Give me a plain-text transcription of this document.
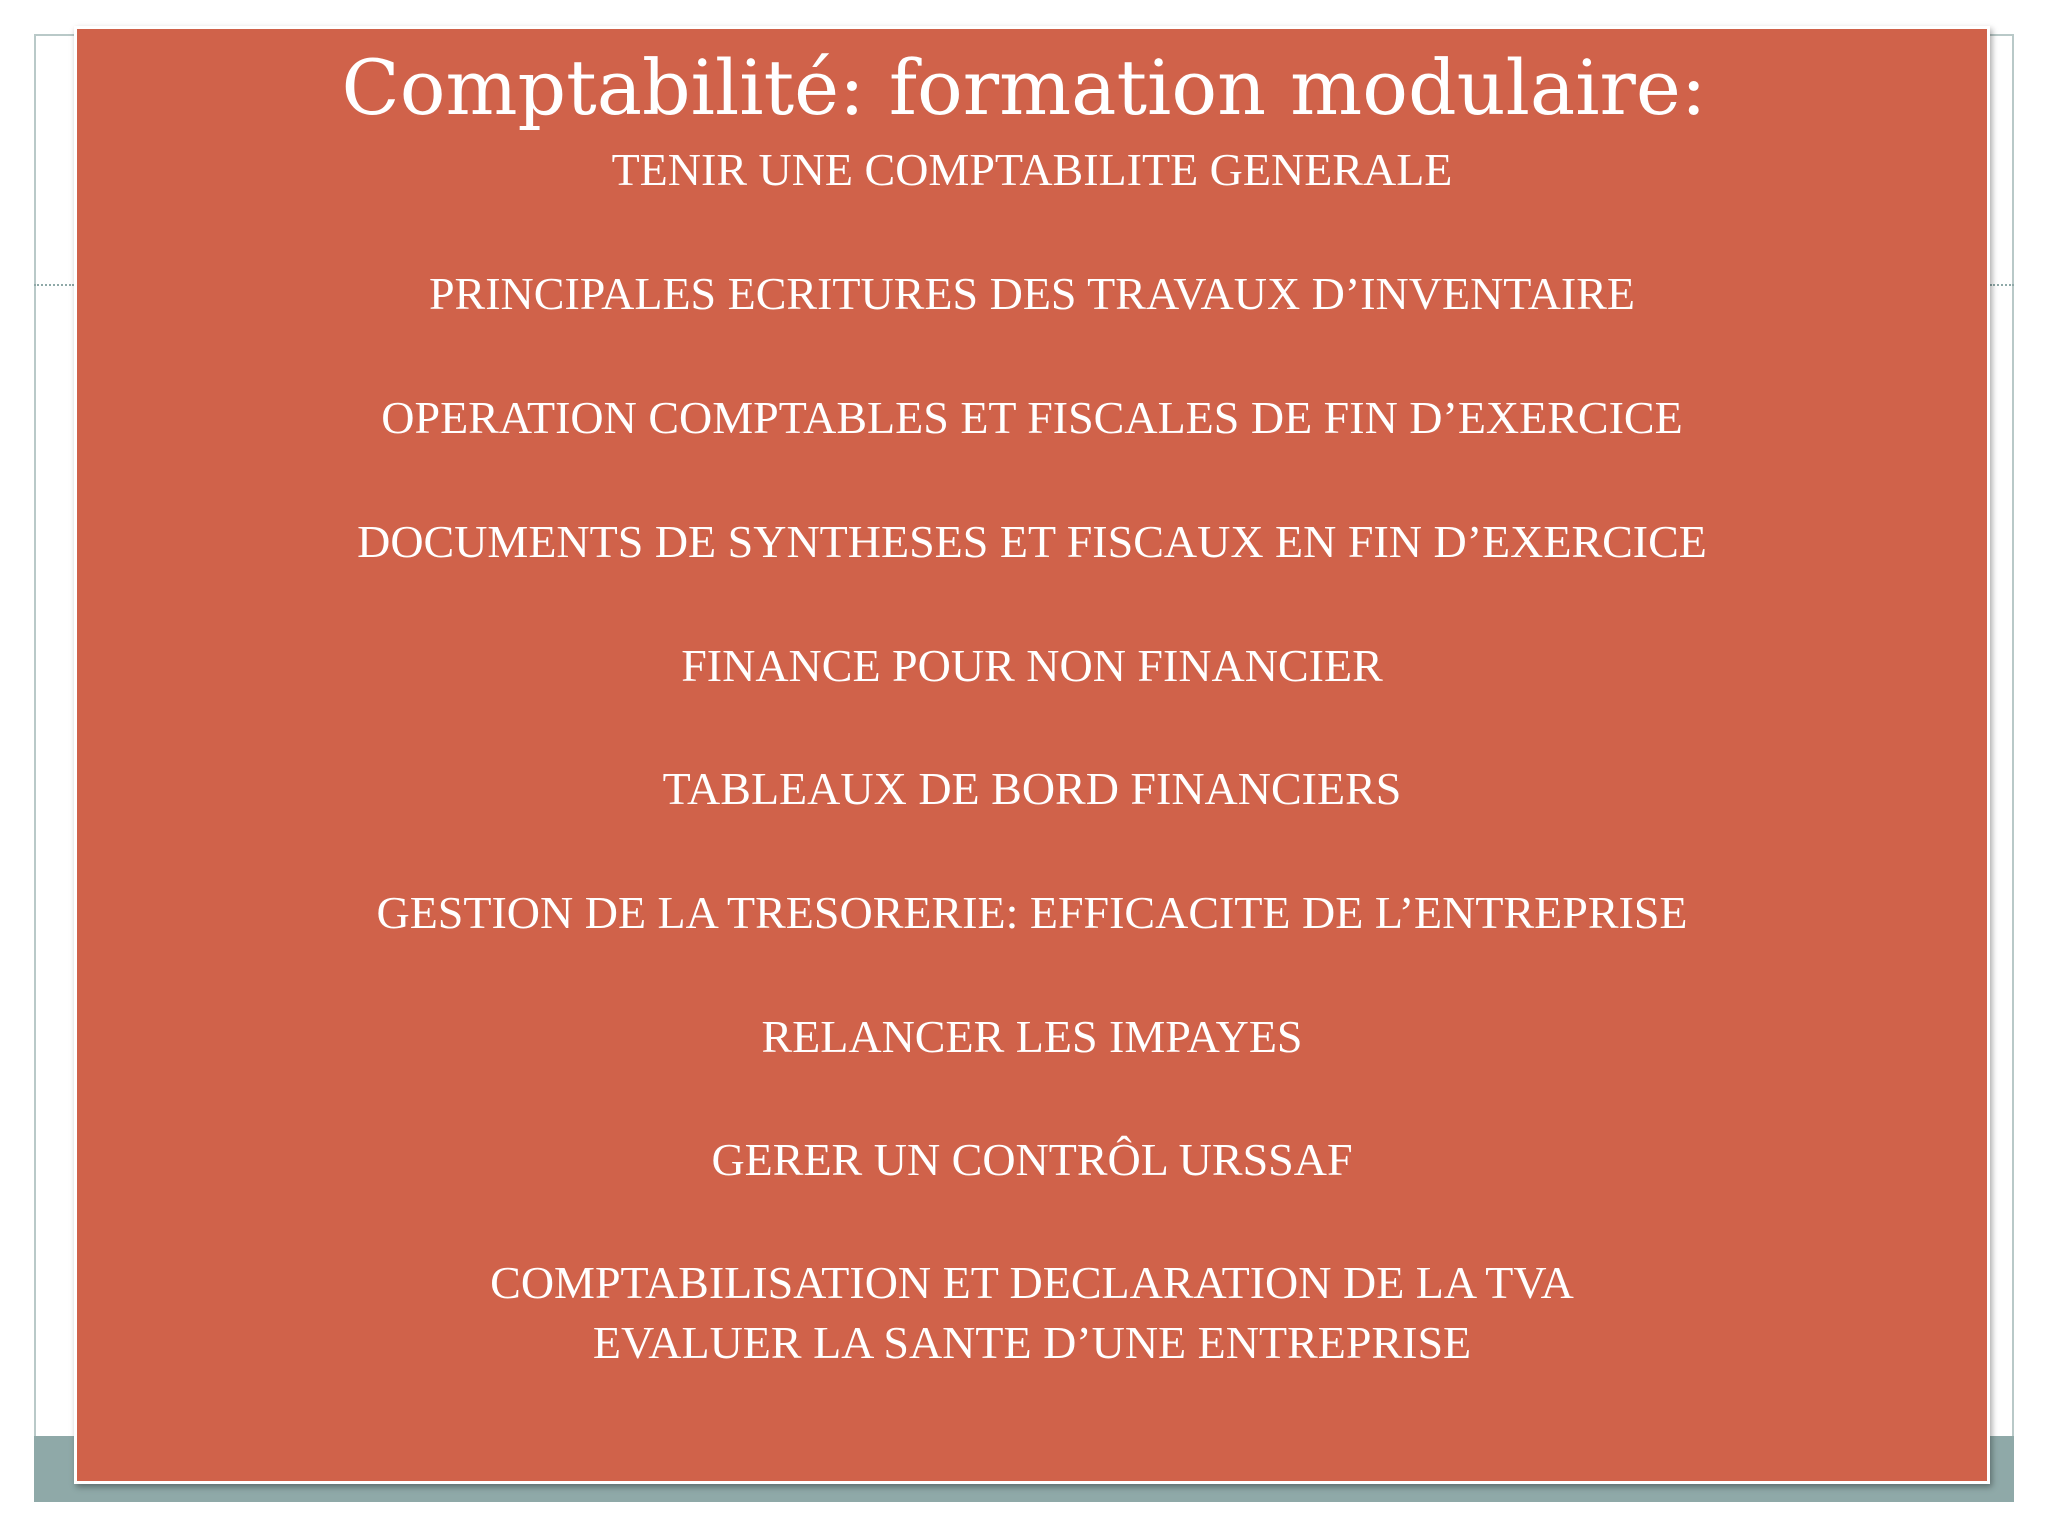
Comptabilité: formation modulaire:
TENIR UNE COMPTABILITE GENERALE
PRINCIPALES ECRITURES DES TRAVAUX D’INVENTAIRE
OPERATION COMPTABLES ET FISCALES DE FIN D’EXERCICE
DOCUMENTS DE SYNTHESES ET FISCAUX EN FIN D’EXERCICE
FINANCE POUR NON FINANCIER
TABLEAUX DE BORD FINANCIERS
GESTION DE LA TRESORERIE: EFFICACITE DE L’ENTREPRISE
RELANCER LES IMPAYES
GERER UN CONTRÔL URSSAF
COMPTABILISATION ET DECLARATION DE LA TVA
EVALUER LA SANTE D’UNE ENTREPRISE
